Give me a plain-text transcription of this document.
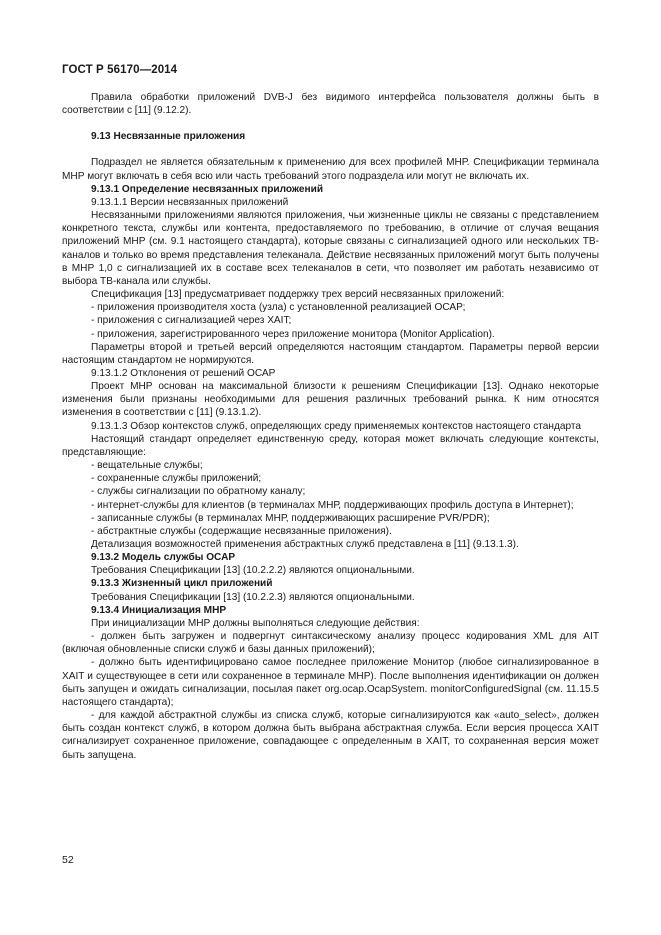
ГОСТ Р 56170—2014

Правила обработки приложений DVB-J без видимого интерфейса пользователя должны быть в соответствии с [11] (9.12.2).

9.13 Несвязанные приложения

Подраздел не является обязательным к применению для всех профилей МНР. Спецификации терминала МНР могут включать в себя всю или часть требований этого подраздела или могут не включать их.

9.13.1 Определение несвязанных приложений

9.13.1.1 Версии несвязанных приложений

Несвязанными приложениями являются приложения, чьи жизненные циклы не связаны с представлением конкретного текста, службы или контента, предоставляемого по требованию, в отличие от случая вещания приложений МНР (см. 9.1 настоящего стандарта), которые связаны с сигнализацией одного или нескольких ТВ-каналов и только во время представления телеканала. Действие несвязанных приложений могут быть получены в МНР 1,0 с сигнализацией их в составе всех телеканалов в сети, что позволяет им работать независимо от выбора ТВ-канала или службы.

Спецификация [13] предусматривает поддержку трех версий несвязанных приложений:

- приложения производителя хоста (узла) с установленной реализацией ОСАР;

- приложения с сигнализацией через XAIT;

- приложения, зарегистрированного через приложение монитора (Monitor Application).

Параметры второй и третьей версий определяются настоящим стандартом. Параметры первой версии настоящим стандартом не нормируются.

9.13.1.2 Отклонения от решений ОСАР

Проект МНР основан на максимальной близости к решениям Спецификации [13]. Однако некоторые изменения были признаны необходимыми для решения различных требований рынка. К ним относятся изменения в соответствии с [11] (9.13.1.2).

9.13.1.3 Обзор контекстов служб, определяющих среду применяемых контекстов настоящего стандарта

Настоящий стандарт определяет единственную среду, которая может включать следующие контексты, представляющие:

- вещательные службы;

- сохраненные службы приложений;

- службы сигнализации по обратному каналу;

- интернет-службы для клиентов (в терминалах МНР, поддерживающих профиль доступа в Интернет);

- записанные службы (в терминалах МНР, поддерживающих расширение PVR/PDR);

- абстрактные службы (содержащие несвязанные приложения).

Детализация возможностей применения абстрактных служб представлена в [11] (9.13.1.3).

9.13.2 Модель службы ОСАР

Требования Спецификации [13] (10.2.2.2) являются опциональными.

9.13.3 Жизненный цикл приложений

Требования Спецификации [13] (10.2.2.3) являются опциональными.

9.13.4 Инициализация МНР

При инициализации МНР должны выполняться следующие действия:

- должен быть загружен и подвергнут синтаксическому анализу процесс кодирования XML для AIT (включая обновленные списки служб и базы данных приложений);

- должно быть идентифицировано самое последнее приложение Монитор (любое сигнализированное в XAIT и существующее в сети или сохраненное в терминале МНР). После выполнения идентификации он должен быть запущен и ожидать сигнализации, посылая пакет org.ocap.OcapSystem. monitorConfiguredSignal (см. 11.15.5 настоящего стандарта);

- для каждой абстрактной службы из списка служб, которые сигнализируются как «auto_select», должен быть создан контекст служб, в котором должна быть выбрана абстрактная служба. Если версия процесса XAIT сигнализирует сохраненное приложение, совпадающее с определенным в XAIT, то сохраненная версия может быть запущена.

52
